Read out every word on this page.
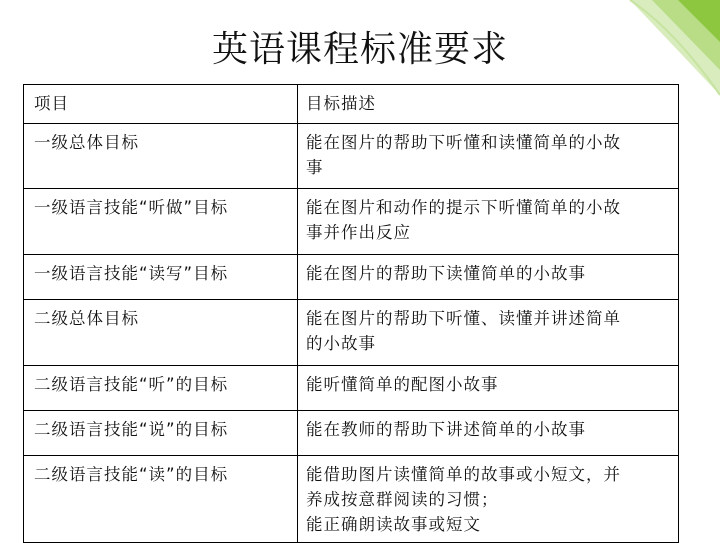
英语课程标准要求
项目	目标描述
一级总体目标	能在图片的帮助下听懂和读懂简单的小故
事

一级语言技能“听做”目标	能在图片和动作的提示下听懂简单的小故
事并作出反应

一级语言技能“读写”目标	能在图片的帮助下读懂简单的小故事

二级总体目标	能在图片的帮助下听懂、读懂并讲述简单
的小故事

二级语言技能“听”的目标	能听懂简单的配图小故事

二级语言技能“说”的目标	能在教师的帮助下讲述简单的小故事

二级语言技能“读”的目标	能借助图片读懂简单的故事或小短文，并
养成按意群阅读的习惯；
能正确朗读故事或短文
